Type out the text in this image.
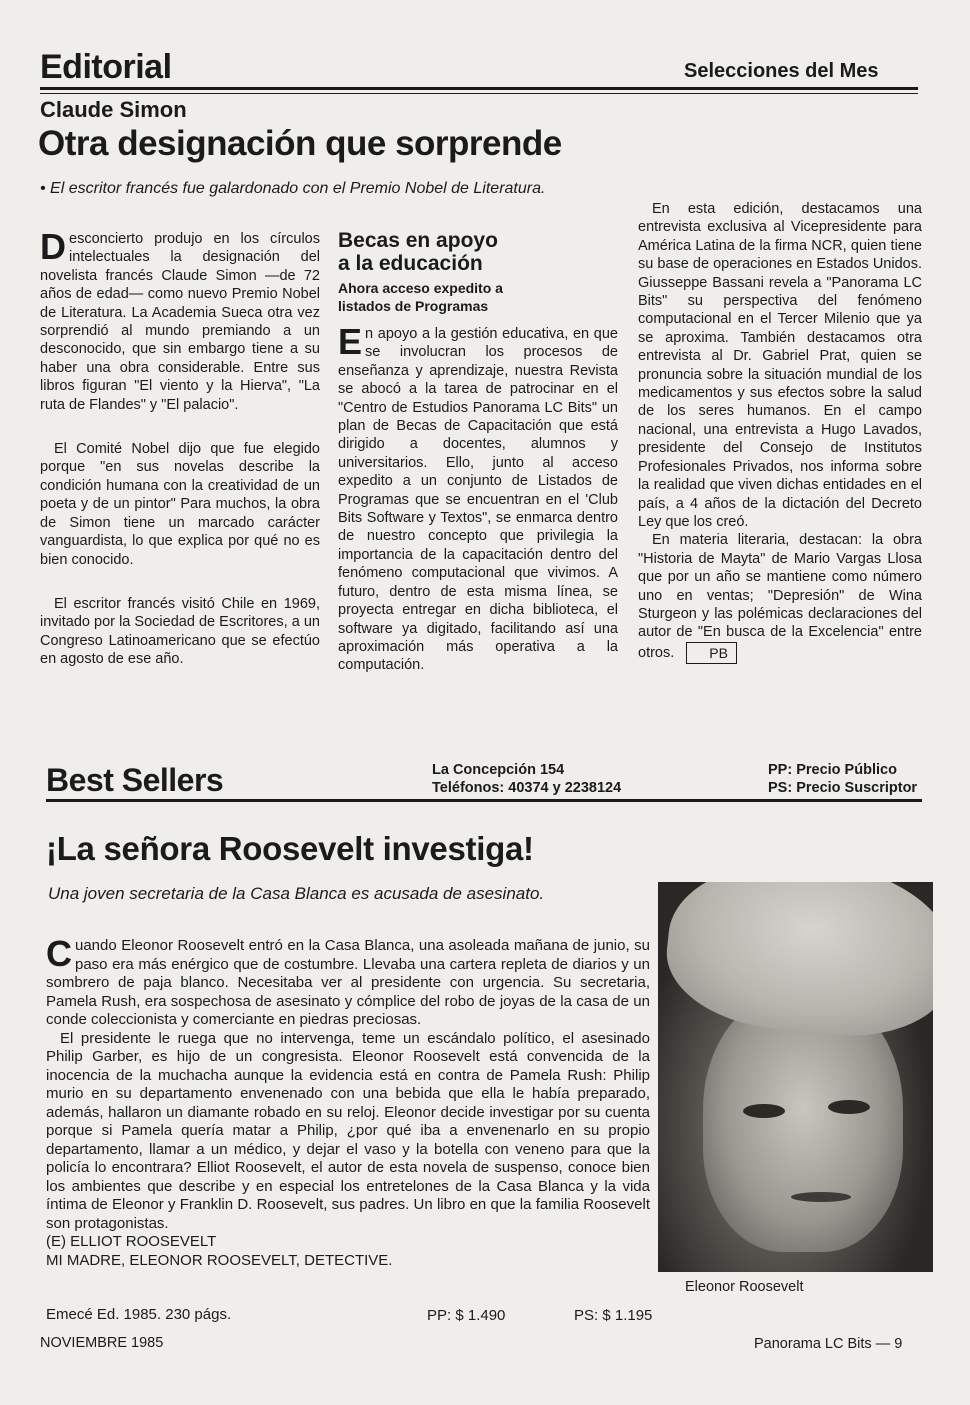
Editorial	Selecciones del Mes
Claude Simon
Otra designación que sorprende
• El escritor francés fue galardonado con el Premio Nobel de Literatura.

Desconcierto produjo en los círculos intelectuales la designación del novelista francés Claude Simon —de 72 años de edad— como nuevo Premio Nobel de Literatura. La Academia Sueca otra vez sorprendió al mundo premiando a un desconocido, que sin embargo tiene a su haber una obra considerable. Entre sus libros figuran "El viento y la Hierva", "La ruta de Flandes" y "El palacio".

El Comité Nobel dijo que fue elegido porque "en sus novelas describe la condición humana con la creatividad de un poeta y de un pintor" Para muchos, la obra de Simon tiene un marcado carácter vanguardista, lo que explica por qué no es bien conocido.

El escritor francés visitó Chile en 1969, invitado por la Sociedad de Escritores, a un Congreso Latinoamericano que se efectúo en agosto de ese año.

Becas en apoyo
a la educación
Ahora acceso expedito a listados de Programas

En apoyo a la gestión educativa, en que se involucran los procesos de enseñanza y aprendizaje, nuestra Revista se abocó a la tarea de patrocinar en el "Centro de Estudios Panorama LC Bits" un plan de Becas de Capacitación que está dirigido a docentes, alumnos y universitarios. Ello, junto al acceso expedito a un conjunto de Listados de Programas que se encuentran en el 'Club Bits Software y Textos", se enmarca dentro de nuestro concepto que privilegia la importancia de la capacitación dentro del fenómeno computacional que vivimos. A futuro, dentro de esta misma línea, se proyecta entregar en dicha biblioteca, el software ya digitado, facilitando así una aproximación más operativa a la computación.

En esta edición, destacamos una entrevista exclusiva al Vicepresidente para América Latina de la firma NCR, quien tiene su base de operaciones en Estados Unidos. Giusseppe Bassani revela a "Panorama LC Bits" su perspectiva del fenómeno computacional en el Tercer Milenio que ya se aproxima. También destacamos otra entrevista al Dr. Gabriel Prat, quien se pronuncia sobre la situación mundial de los medicamentos y sus efectos sobre la salud de los seres humanos. En el campo nacional, una entrevista a Hugo Lavados, presidente del Consejo de Institutos Profesionales Privados, nos informa sobre la realidad que viven dichas entidades en el país, a 4 años de la dictación del Decreto Ley que los creó.

En materia literaria, destacan: la obra "Historia de Mayta" de Mario Vargas Llosa que por un año se mantiene como número uno en ventas; "Depresión" de Wina Sturgeon y las polémicas declaraciones del autor de "En busca de la Excelencia" entre otros.	PB

Best Sellers	La Concepción 154
Teléfonos: 40374 y 2238124
PP: Precio Público
PS: Precio Suscriptor
¡La señora Roosevelt investiga!
Una joven secretaria de la Casa Blanca es acusada de asesinato.

Cuando Eleonor Roosevelt entró en la Casa Blanca, una asoleada mañana de junio, su paso era más enérgico que de costumbre. Llevaba una cartera repleta de diarios y un sombrero de paja blanco. Necesitaba ver al presidente con urgencia. Su secretaria, Pamela Rush, era sospechosa de asesinato y cómplice del robo de joyas de la casa de un conde coleccionista y comerciante en piedras preciosas.

El presidente le ruega que no intervenga, teme un escándalo político, el asesinado Philip Garber, es hijo de un congresista. Eleonor Roosevelt está convencida de la inocencia de la muchacha aunque la evidencia está en contra de Pamela Rush: Philip murio en su departamento envenenado con una bebida que ella le había preparado, además, hallaron un diamante robado en su reloj. Eleonor decide investigar por su cuenta porque si Pamela quería matar a Philip, ¿por qué iba a envenenarlo en su propio departamento, llamar a un médico, y dejar el vaso y la botella con veneno para que la policía lo encontrara? Elliot Roosevelt, el autor de esta novela de suspenso, conoce bien los ambientes que describe y en especial los entretelones de la Casa Blanca y la vida íntima de Eleonor y Franklin D. Roosevelt, sus padres. Un libro en que la familia Roosevelt son protagonistas.

(E) ELLIOT ROOSEVELT

MI MADRE, ELEONOR ROOSEVELT, DETECTIVE.

Emecé Ed. 1985. 230 págs.	PP: $ 1.490	PS: $ 1.195
Eleonor Roosevelt
NOVIEMBRE 1985	Panorama LC Bits — 9
